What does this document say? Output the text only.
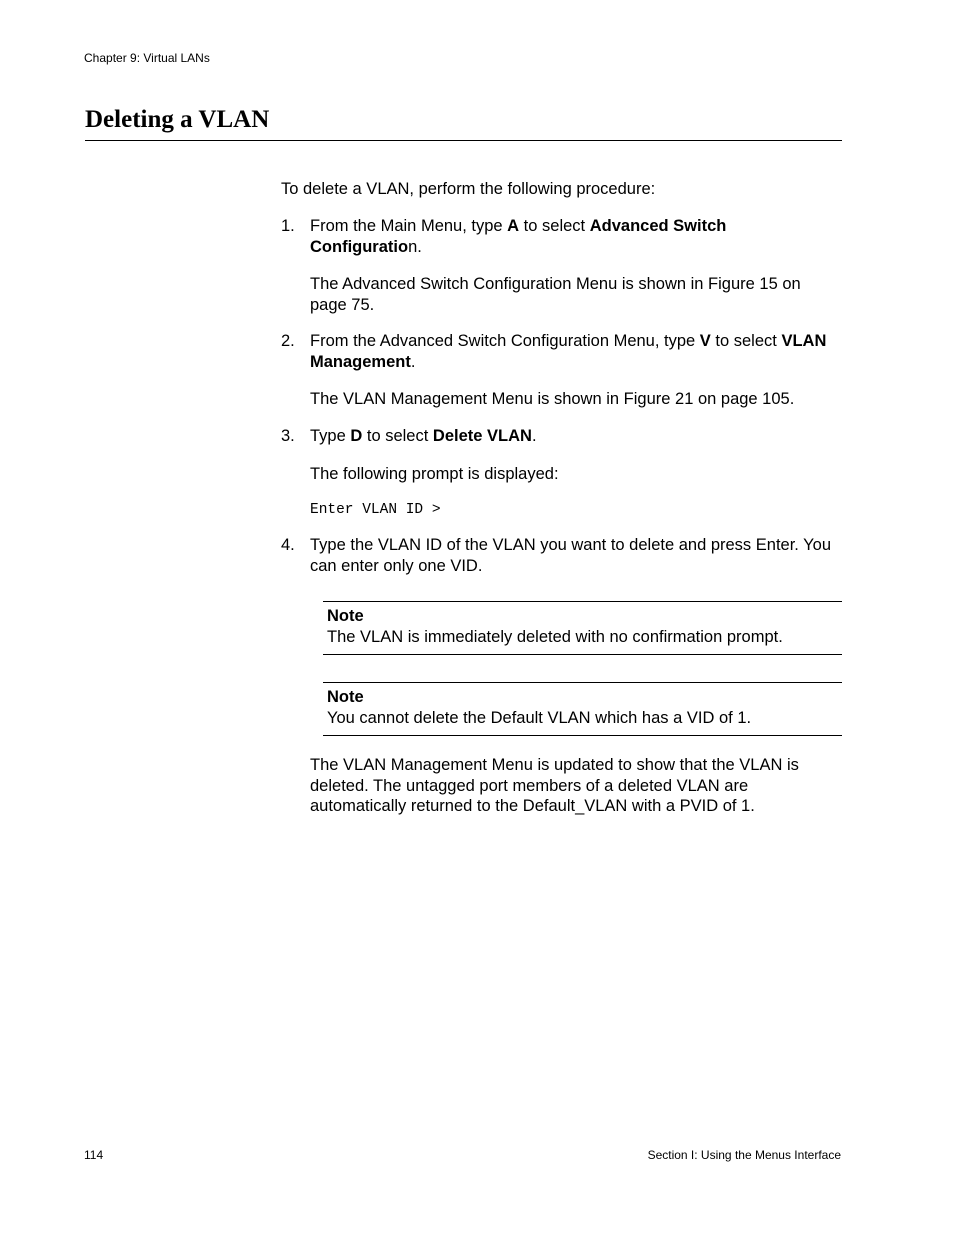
Chapter 9: Virtual LANs
Deleting a VLAN
To delete a VLAN, perform the following procedure:
1. From the Main Menu, type A to select Advanced Switch Configuration.
The Advanced Switch Configuration Menu is shown in Figure 15 on page 75.
2. From the Advanced Switch Configuration Menu, type V to select VLAN Management.
The VLAN Management Menu is shown in Figure 21 on page 105.
3. Type D to select Delete VLAN.
The following prompt is displayed:
Enter VLAN ID >
4. Type the VLAN ID of the VLAN you want to delete and press Enter. You can enter only one VID.
Note
The VLAN is immediately deleted with no confirmation prompt.
Note
You cannot delete the Default VLAN which has a VID of 1.
The VLAN Management Menu is updated to show that the VLAN is deleted. The untagged port members of a deleted VLAN are automatically returned to the Default_VLAN with a PVID of 1.
114	Section I: Using the Menus Interface
